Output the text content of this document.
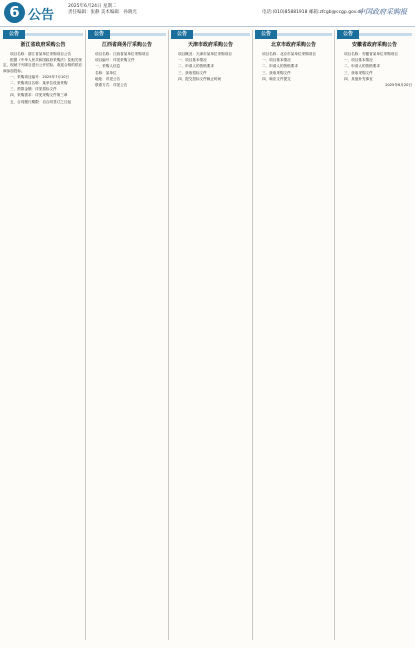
6 公告
2025年6月24日 星期二
责任编辑：张静 美术编辑：孙晓光	电话:(010)85881918 邮箱:zfcgb@ccgp.gov.cn
中国政府采购报
公告
浙江省政府采购公告

项目名称：浙江省某单位采购项目公告

根据《中华人民共和国政府采购法》及相关规定，现就下列项目进行公开招标，欢迎合格的供应商参加投标。

一、采购项目编号：2025年7月10日

二、采购项目名称：某单位设备采购

三、预算金额：详见招标文件

四、采购需求：详见采购文件第三章

五、合同履行期限：自合同签订之日起

公告
江西省商务厅采购公告

项目名称：江西省某单位采购项目

项目编号：详见采购文件

一、采购人信息

名称：某单位

地址：详见公告

联系方式：详见公告

公告
天津市政府采购公告

项目概况：天津市某单位采购项目

一、项目基本情况

二、申请人的资格要求

三、获取招标文件

四、提交投标文件截止时间

公告
北京市政府采购公告

项目名称：北京市某单位采购项目

一、项目基本情况

二、申请人的资格要求

三、获取采购文件

四、响应文件提交

公告
安徽省政府采购公告

项目名称：安徽省某单位采购项目

一、项目基本情况

二、申请人的资格要求

三、获取采购文件

四、其他补充事宜

2025年6月20日
